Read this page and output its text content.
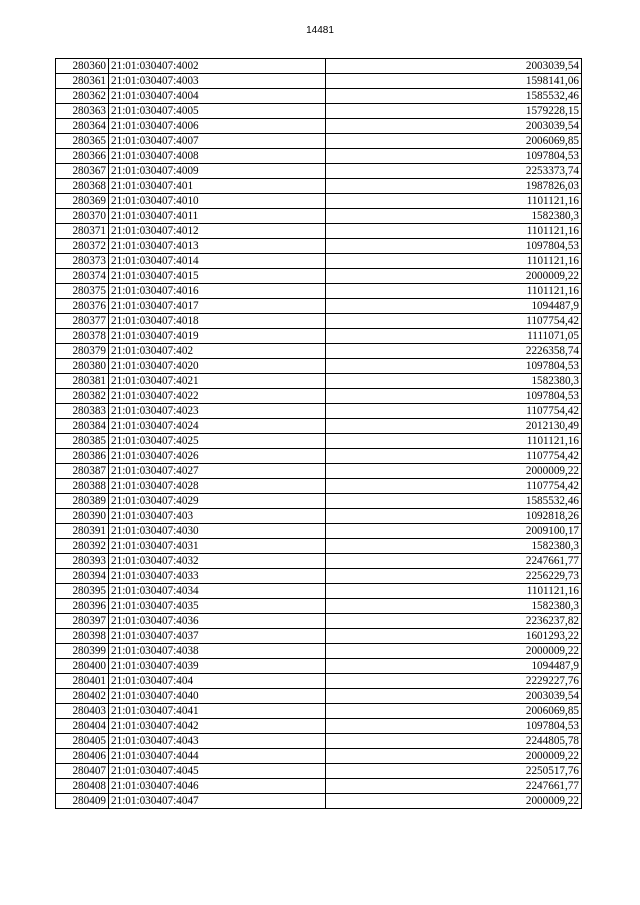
14481
280360	21:01:030407:4002	2003039,54
280361	21:01:030407:4003	1598141,06
280362	21:01:030407:4004	1585532,46
280363	21:01:030407:4005	1579228,15
280364	21:01:030407:4006	2003039,54
280365	21:01:030407:4007	2006069,85
280366	21:01:030407:4008	1097804,53
280367	21:01:030407:4009	2253373,74
280368	21:01:030407:401	1987826,03
280369	21:01:030407:4010	1101121,16
280370	21:01:030407:4011	1582380,3
280371	21:01:030407:4012	1101121,16
280372	21:01:030407:4013	1097804,53
280373	21:01:030407:4014	1101121,16
280374	21:01:030407:4015	2000009,22
280375	21:01:030407:4016	1101121,16
280376	21:01:030407:4017	1094487,9
280377	21:01:030407:4018	1107754,42
280378	21:01:030407:4019	1111071,05
280379	21:01:030407:402	2226358,74
280380	21:01:030407:4020	1097804,53
280381	21:01:030407:4021	1582380,3
280382	21:01:030407:4022	1097804,53
280383	21:01:030407:4023	1107754,42
280384	21:01:030407:4024	2012130,49
280385	21:01:030407:4025	1101121,16
280386	21:01:030407:4026	1107754,42
280387	21:01:030407:4027	2000009,22
280388	21:01:030407:4028	1107754,42
280389	21:01:030407:4029	1585532,46
280390	21:01:030407:403	1092818,26
280391	21:01:030407:4030	2009100,17
280392	21:01:030407:4031	1582380,3
280393	21:01:030407:4032	2247661,77
280394	21:01:030407:4033	2256229,73
280395	21:01:030407:4034	1101121,16
280396	21:01:030407:4035	1582380,3
280397	21:01:030407:4036	2236237,82
280398	21:01:030407:4037	1601293,22
280399	21:01:030407:4038	2000009,22
280400	21:01:030407:4039	1094487,9
280401	21:01:030407:404	2229227,76
280402	21:01:030407:4040	2003039,54
280403	21:01:030407:4041	2006069,85
280404	21:01:030407:4042	1097804,53
280405	21:01:030407:4043	2244805,78
280406	21:01:030407:4044	2000009,22
280407	21:01:030407:4045	2250517,76
280408	21:01:030407:4046	2247661,77
280409	21:01:030407:4047	2000009,22
